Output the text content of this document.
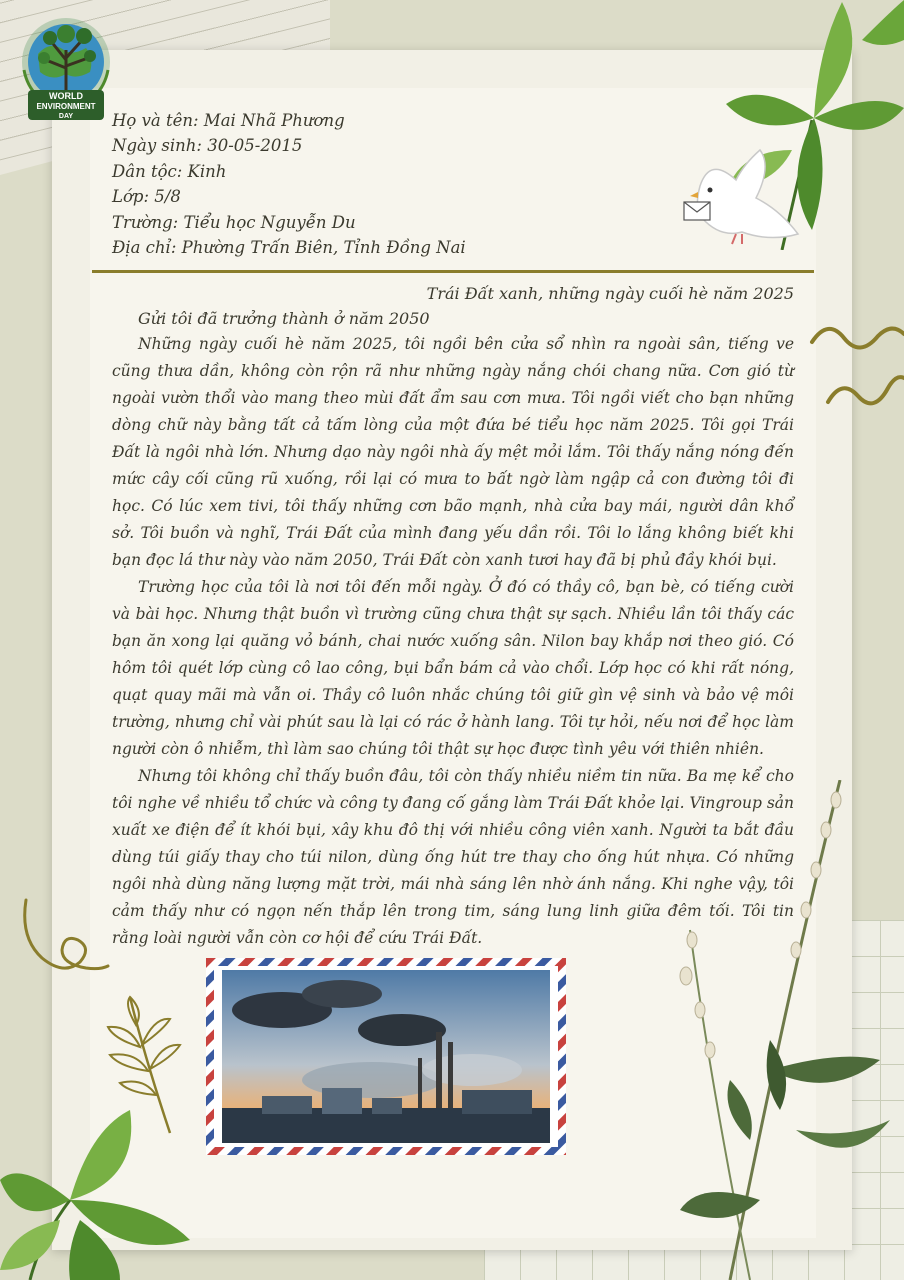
WORLD
ENVIRONMENT
DAY Họ và tên: Mai Nhã Phương
Ngày sinh: 30-05-2015
Dân tộc: Kinh
Lớp: 5/8
Trường: Tiểu học Nguyễn Du
Địa chỉ: Phường Trấn Biên, Tỉnh Đồng Nai
Trái Đất xanh, những ngày cuối hè năm 2025
Gửi tôi đã trưởng thành ở năm 2050

Những ngày cuối hè năm 2025, tôi ngồi bên cửa sổ nhìn ra ngoài sân, tiếng ve cũng thưa dần, không còn rộn rã như những ngày nắng chói chang nữa. Cơn gió từ ngoài vườn thổi vào mang theo mùi đất ẩm sau cơn mưa. Tôi ngồi viết cho bạn những dòng chữ này bằng tất cả tấm lòng của một đứa bé tiểu học năm 2025. Tôi gọi Trái Đất là ngôi nhà lớn. Nhưng dạo này ngôi nhà ấy mệt mỏi lắm. Tôi thấy nắng nóng đến mức cây cối cũng rũ xuống, rồi lại có mưa to bất ngờ làm ngập cả con đường tôi đi học. Có lúc xem tivi, tôi thấy những cơn bão mạnh, nhà cửa bay mái, người dân khổ sở. Tôi buồn và nghĩ, Trái Đất của mình đang yếu dần rồi. Tôi lo lắng không biết khi bạn đọc lá thư này vào năm 2050, Trái Đất còn xanh tươi hay đã bị phủ đầy khói bụi.

Trường học của tôi là nơi tôi đến mỗi ngày. Ở đó có thầy cô, bạn bè, có tiếng cười và bài học. Nhưng thật buồn vì trường cũng chưa thật sự sạch. Nhiều lần tôi thấy các bạn ăn xong lại quăng vỏ bánh, chai nước xuống sân. Nilon bay khắp nơi theo gió. Có hôm tôi quét lớp cùng cô lao công, bụi bẩn bám cả vào chổi. Lớp học có khi rất nóng, quạt quay mãi mà vẫn oi. Thầy cô luôn nhắc chúng tôi giữ gìn vệ sinh và bảo vệ môi trường, nhưng chỉ vài phút sau là lại có rác ở hành lang. Tôi tự hỏi, nếu nơi để học làm người còn ô nhiễm, thì làm sao chúng tôi thật sự học được tình yêu với thiên nhiên.

Nhưng tôi không chỉ thấy buồn đâu, tôi còn thấy nhiều niềm tin nữa. Ba mẹ kể cho tôi nghe về nhiều tổ chức và công ty đang cố gắng làm Trái Đất khỏe lại. Vingroup sản xuất xe điện để ít khói bụi, xây khu đô thị với nhiều công viên xanh. Người ta bắt đầu dùng túi giấy thay cho túi nilon, dùng ống hút tre thay cho ống hút nhựa. Có những ngôi nhà dùng năng lượng mặt trời, mái nhà sáng lên nhờ ánh nắng. Khi nghe vậy, tôi cảm thấy như có ngọn nến thắp lên trong tim, sáng lung linh giữa đêm tối. Tôi tin rằng loài người vẫn còn cơ hội để cứu Trái Đất.
